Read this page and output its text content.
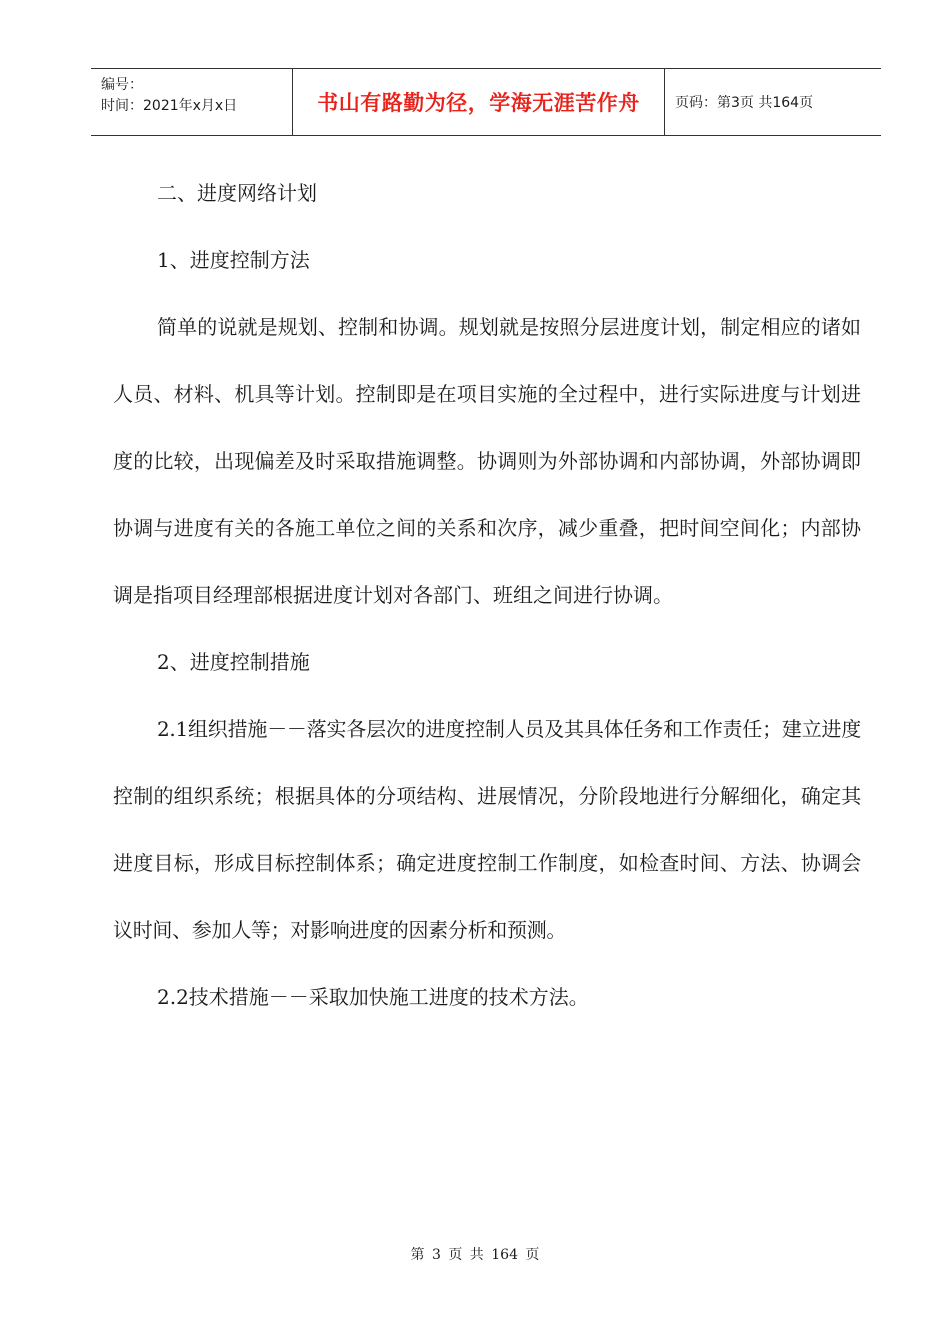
编号：
时间：2021年x月x日	书山有路勤为径，学海无涯苦作舟	页码：第3页 共164页

二、进度网络计划

1、进度控制方法

简单的说就是规划、控制和协调。规划就是按照分层进度计划，制定相应的诸如人员、材料、机具等计划。控制即是在项目实施的全过程中，进行实际进度与计划进度的比较，出现偏差及时采取措施调整。协调则为外部协调和内部协调，外部协调即协调与进度有关的各施工单位之间的关系和次序，减少重叠，把时间空间化；内部协调是指项目经理部根据进度计划对各部门、班组之间进行协调。

2、进度控制措施

2.1组织措施－－落实各层次的进度控制人员及其具体任务和工作责任；建立进度控制的组织系统；根据具体的分项结构、进展情况，分阶段地进行分解细化，确定其进度目标，形成目标控制体系；确定进度控制工作制度，如检查时间、方法、协调会议时间、参加人等；对影响进度的因素分析和预测。

2.2技术措施－－采取加快施工进度的技术方法。

第 3 页 共 164 页
